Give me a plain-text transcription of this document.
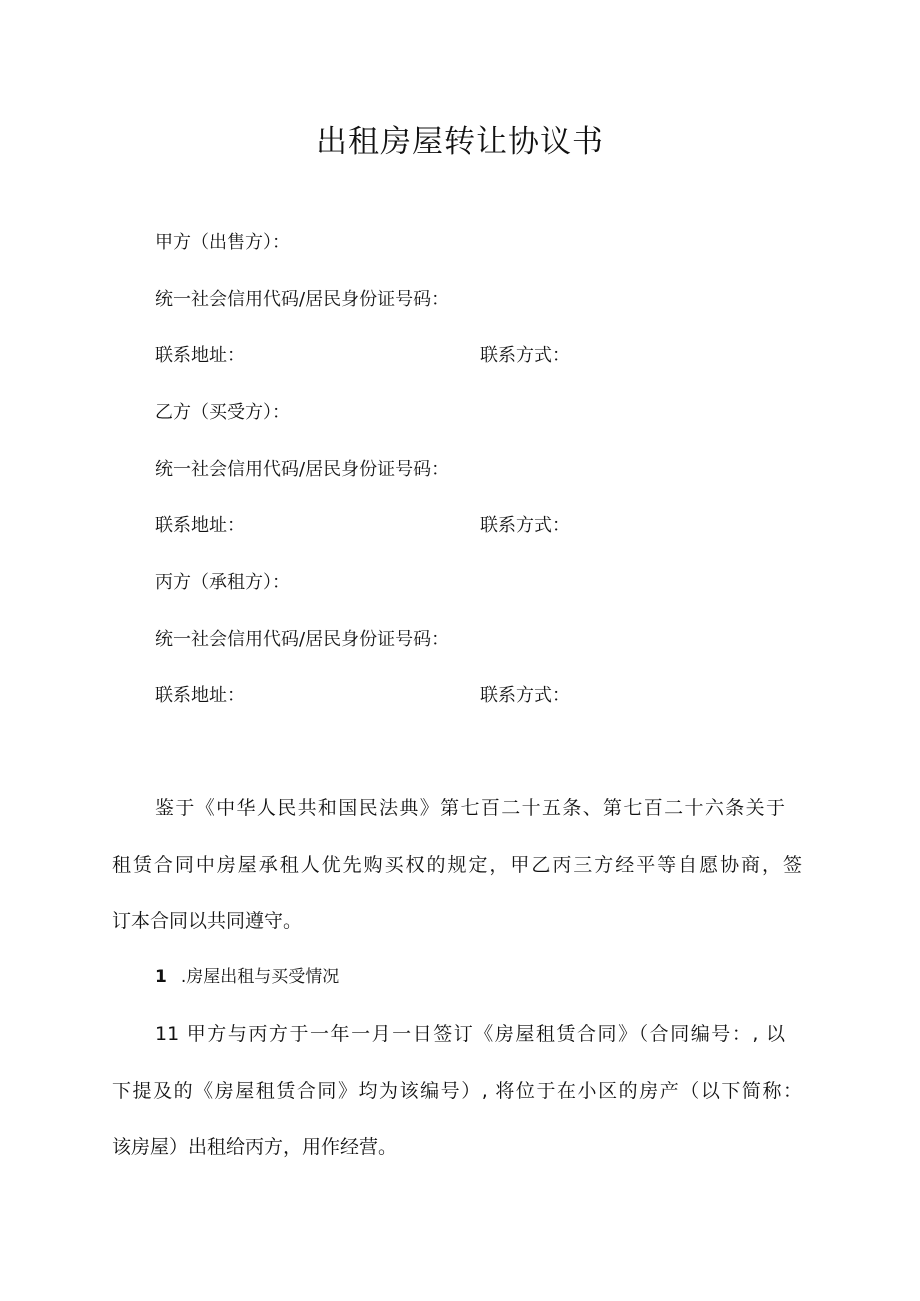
出租房屋转让协议书
甲方（出售方）：
统一社会信用代码/居民身份证号码：
联系地址：	联系方式：
乙方（买受方）：
统一社会信用代码/居民身份证号码：
联系地址：	联系方式：
丙方（承租方）：
统一社会信用代码/居民身份证号码：
联系地址：	联系方式：
鉴于《中华人民共和国民法典》第七百二十五条、第七百二十六条关于
租赁合同中房屋承租人优先购买权的规定，甲乙丙三方经平等自愿协商，签
订本合同以共同遵守。
1 .房屋出租与买受情况
11 甲方与丙方于一年一月一日签订《房屋租赁合同》（合同编号：, 以
下提及的《房屋租赁合同》均为该编号）, 将位于在小区的房产（以下简称：
该房屋）出租给丙方，用作经营。
